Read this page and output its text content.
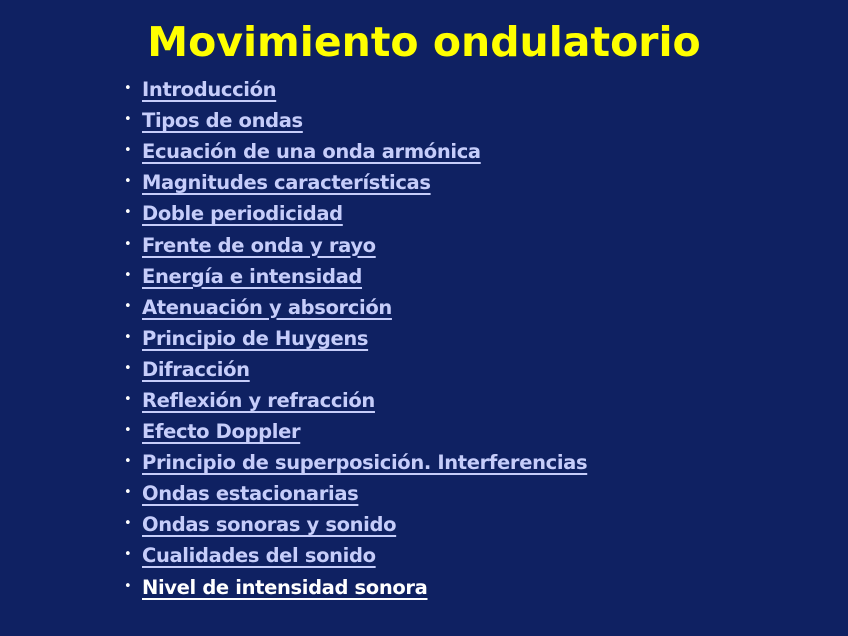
Movimiento ondulatorio
• Introducción
• Tipos de ondas
• Ecuación de una onda armónica
• Magnitudes características
• Doble periodicidad
• Frente de onda y rayo
• Energía e intensidad
• Atenuación y absorción
• Principio de Huygens
• Difracción
• Reflexión y refracción
• Efecto Doppler
• Principio de superposición. Interferencias
• Ondas estacionarias
• Ondas sonoras y sonido
• Cualidades del sonido
• Nivel de intensidad sonora
